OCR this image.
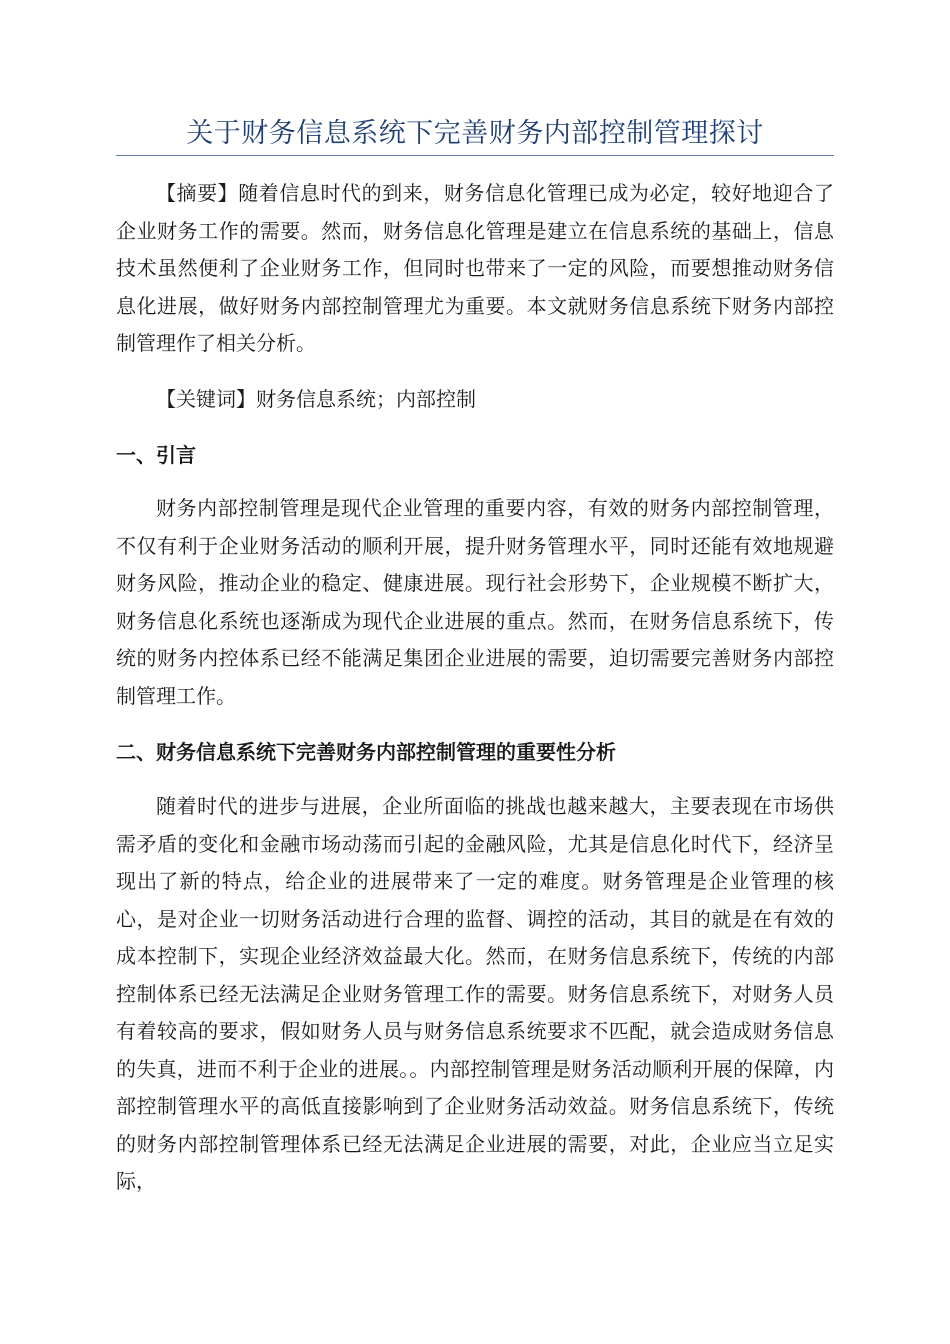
关于财务信息系统下完善财务内部控制管理探讨

【摘要】随着信息时代的到来，财务信息化管理已成为必定，较好地迎合了企业财务工作的需要。然而，财务信息化管理是建立在信息系统的基础上，信息技术虽然便利了企业财务工作，但同时也带来了一定的风险，而要想推动财务信息化进展，做好财务内部控制管理尤为重要。本文就财务信息系统下财务内部控制管理作了相关分析。

【关键词】财务信息系统；内部控制

一、引言

财务内部控制管理是现代企业管理的重要内容，有效的财务内部控制管理，不仅有利于企业财务活动的顺利开展，提升财务管理水平，同时还能有效地规避财务风险，推动企业的稳定、健康进展。现行社会形势下，企业规模不断扩大，财务信息化系统也逐渐成为现代企业进展的重点。然而，在财务信息系统下，传统的财务内控体系已经不能满足集团企业进展的需要，迫切需要完善财务内部控制管理工作。

二、财务信息系统下完善财务内部控制管理的重要性分析

随着时代的进步与进展，企业所面临的挑战也越来越大，主要表现在市场供需矛盾的变化和金融市场动荡而引起的金融风险，尤其是信息化时代下，经济呈现出了新的特点，给企业的进展带来了一定的难度。财务管理是企业管理的核心，是对企业一切财务活动进行合理的监督、调控的活动，其目的就是在有效的成本控制下，实现企业经济效益最大化。然而，在财务信息系统下，传统的内部控制体系已经无法满足企业财务管理工作的需要。财务信息系统下，对财务人员有着较高的要求，假如财务人员与财务信息系统要求不匹配，就会造成财务信息的失真，进而不利于企业的进展。。内部控制管理是财务活动顺利开展的保障，内部控制管理水平的高低直接影响到了企业财务活动效益。财务信息系统下，传统的财务内部控制管理体系已经无法满足企业进展的需要，对此，企业应当立足实际，
